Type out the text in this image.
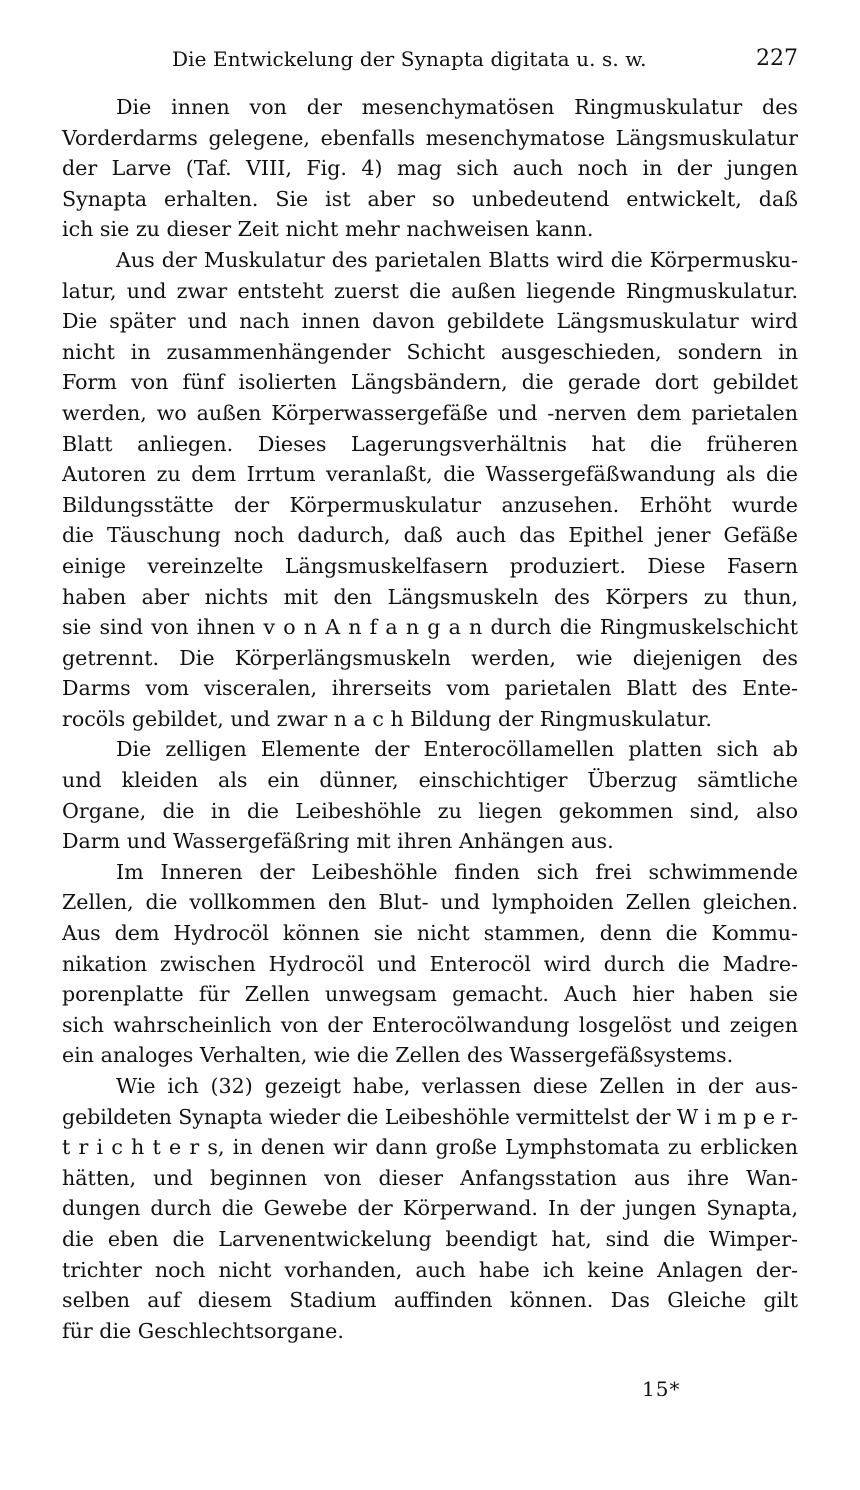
Die Entwickelung der Synapta digitata u. s. w.	227
Die innen von der mesenchymatösen Ringmuskulatur des
Vorderdarms gelegene, ebenfalls mesenchymatose Längsmuskulatur
der Larve (Taf. VIII, Fig. 4) mag sich auch noch in der jungen
Synapta erhalten. Sie ist aber so unbedeutend entwickelt, daß
ich sie zu dieser Zeit nicht mehr nachweisen kann.
Aus der Muskulatur des parietalen Blatts wird die Körpermusku-
latur, und zwar entsteht zuerst die außen liegende Ringmuskulatur.
Die später und nach innen davon gebildete Längsmuskulatur wird
nicht in zusammenhängender Schicht ausgeschieden, sondern in
Form von fünf isolierten Längsbändern, die gerade dort gebildet
werden, wo außen Körperwassergefäße und -nerven dem parietalen
Blatt anliegen. Dieses Lagerungsverhältnis hat die früheren
Autoren zu dem Irrtum veranlaßt, die Wassergefäßwandung als die
Bildungsstätte der Körpermuskulatur anzusehen. Erhöht wurde
die Täuschung noch dadurch, daß auch das Epithel jener Gefäße
einige vereinzelte Längsmuskelfasern produziert. Diese Fasern
haben aber nichts mit den Längsmuskeln des Körpers zu thun,
sie sind von ihnen v o n A n f a n g a n durch die Ringmuskelschicht
getrennt. Die Körperlängsmuskeln werden, wie diejenigen des
Darms vom visceralen, ihrerseits vom parietalen Blatt des Ente-
rocöls gebildet, und zwar n a c h Bildung der Ringmuskulatur.
Die zelligen Elemente der Enterocöllamellen platten sich ab
und kleiden als ein dünner, einschichtiger Überzug sämtliche
Organe, die in die Leibeshöhle zu liegen gekommen sind, also
Darm und Wassergefäßring mit ihren Anhängen aus.
Im Inneren der Leibeshöhle finden sich frei schwimmende
Zellen, die vollkommen den Blut- und lymphoiden Zellen gleichen.
Aus dem Hydrocöl können sie nicht stammen, denn die Kommu-
nikation zwischen Hydrocöl und Enterocöl wird durch die Madre-
porenplatte für Zellen unwegsam gemacht. Auch hier haben sie
sich wahrscheinlich von der Enterocölwandung losgelöst und zeigen
ein analoges Verhalten, wie die Zellen des Wassergefäßsystems.
Wie ich (32) gezeigt habe, verlassen diese Zellen in der aus-
gebildeten Synapta wieder die Leibeshöhle vermittelst der W i m p e r-
t r i c h t e r s, in denen wir dann große Lymphstomata zu erblicken
hätten, und beginnen von dieser Anfangsstation aus ihre Wan-
dungen durch die Gewebe der Körperwand. In der jungen Synapta,
die eben die Larvenentwickelung beendigt hat, sind die Wimper-
trichter noch nicht vorhanden, auch habe ich keine Anlagen der-
selben auf diesem Stadium auffinden können. Das Gleiche gilt
für die Geschlechtsorgane.
15*
